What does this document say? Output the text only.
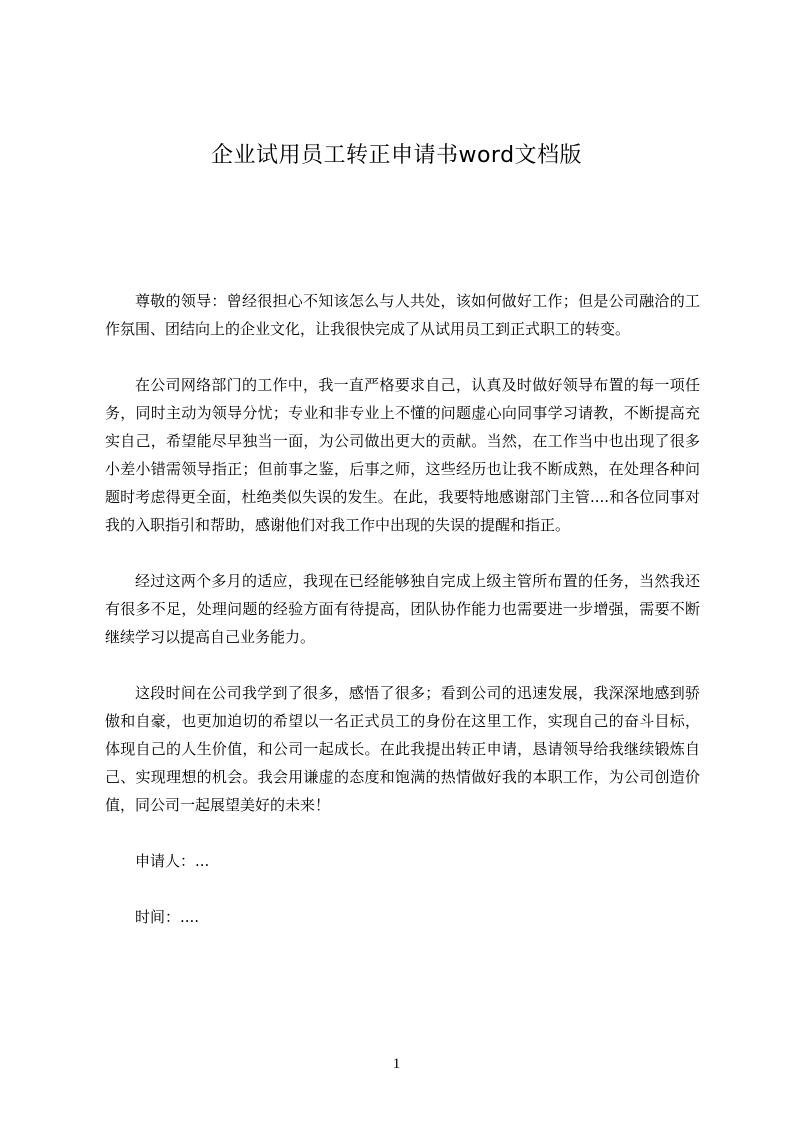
企业试用员工转正申请书word文档版

尊敬的领导：曾经很担心不知该怎么与人共处，该如何做好工作；但是公司融洽的工作氛围、团结向上的企业文化，让我很快完成了从试用员工到正式职工的转变。

在公司网络部门的工作中，我一直严格要求自己，认真及时做好领导布置的每一项任务，同时主动为领导分忧；专业和非专业上不懂的问题虚心向同事学习请教，不断提高充实自己，希望能尽早独当一面，为公司做出更大的贡献。当然，在工作当中也出现了很多小差小错需领导指正；但前事之鉴，后事之师，这些经历也让我不断成熟，在处理各种问题时考虑得更全面，杜绝类似失误的发生。在此，我要特地感谢部门主管....和各位同事对我的入职指引和帮助，感谢他们对我工作中出现的失误的提醒和指正。

经过这两个多月的适应，我现在已经能够独自完成上级主管所布置的任务，当然我还有很多不足，处理问题的经验方面有待提高，团队协作能力也需要进一步增强，需要不断继续学习以提高自己业务能力。

这段时间在公司我学到了很多，感悟了很多；看到公司的迅速发展，我深深地感到骄傲和自豪，也更加迫切的希望以一名正式员工的身份在这里工作，实现自己的奋斗目标，体现自己的人生价值，和公司一起成长。在此我提出转正申请，恳请领导给我继续锻炼自己、实现理想的机会。我会用谦虚的态度和饱满的热情做好我的本职工作，为公司创造价值，同公司一起展望美好的未来！

申请人：...

时间：....

1
